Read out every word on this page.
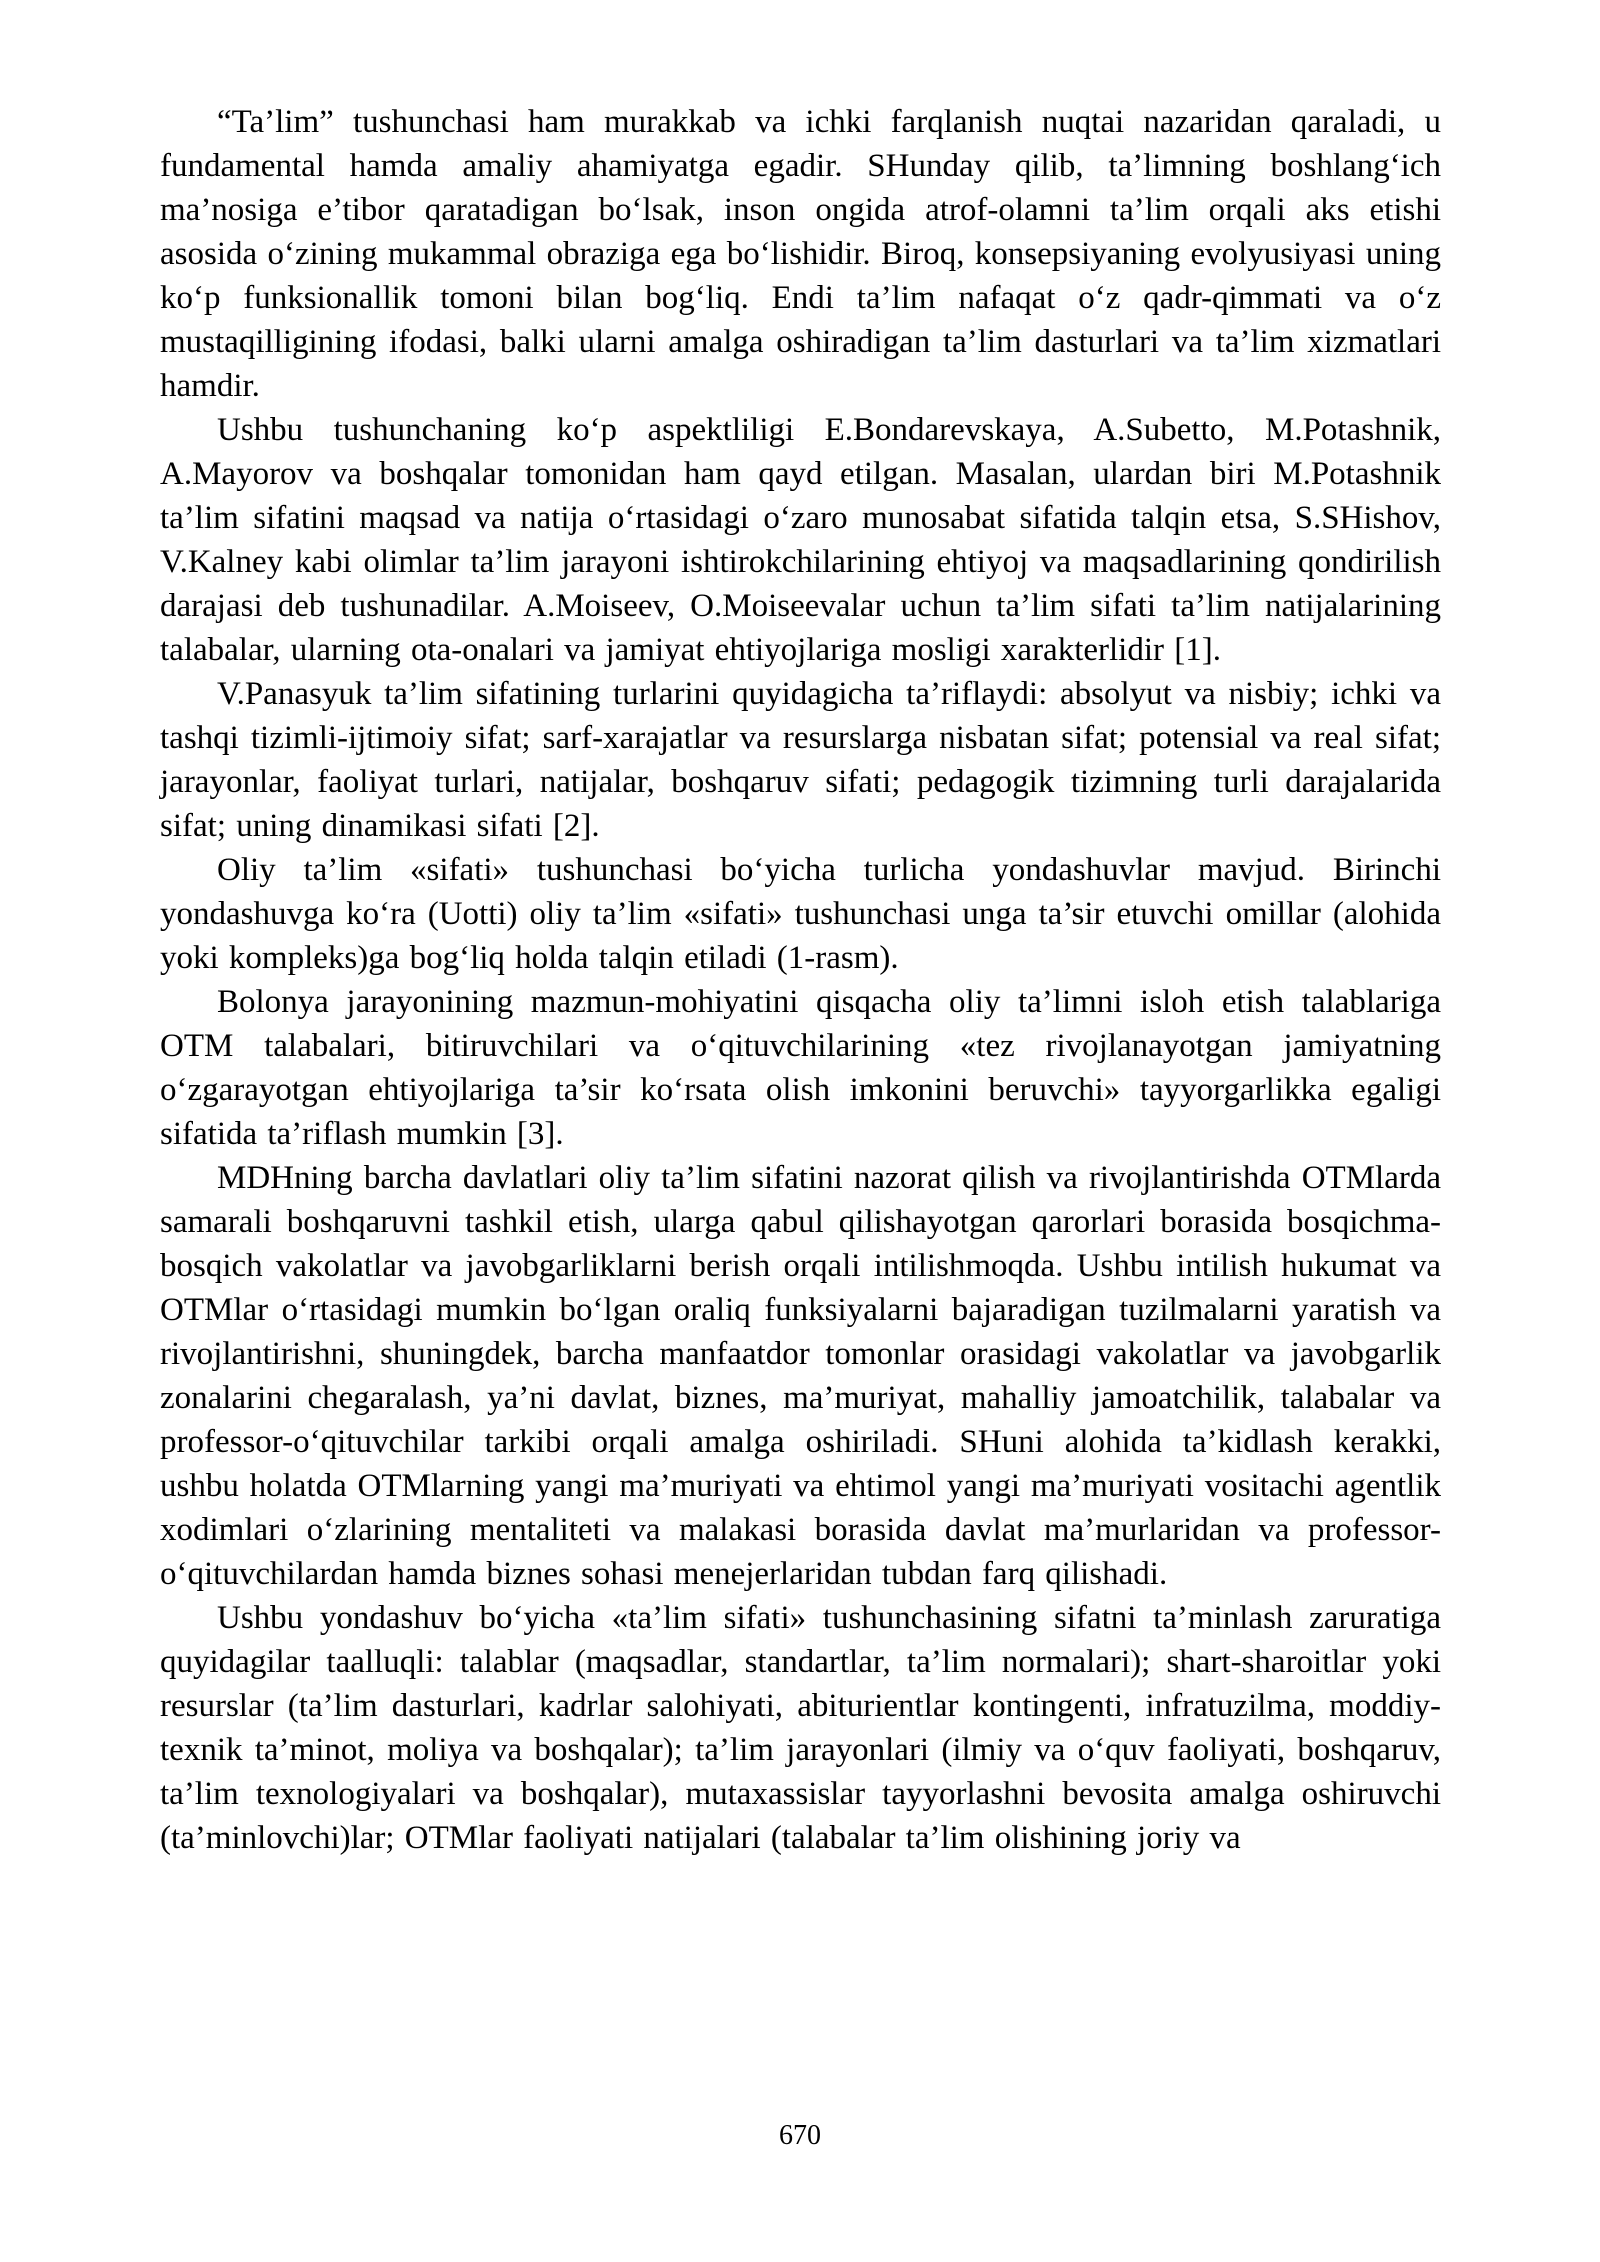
“Ta’lim” tushunchasi ham murakkab va ichki farqlanish nuqtai nazaridan qaraladi, u fundamental hamda amaliy ahamiyatga egadir. SHunday qilib, ta’limning boshlang‘ich ma’nosiga e’tibor qaratadigan bo‘lsak, inson ongida atrof-olamni ta’lim orqali aks etishi asosida o‘zining mukammal obraziga ega bo‘lishidir. Biroq, konsepsiyaning evolyusiyasi uning ko‘p funksionallik tomoni bilan bog‘liq. Endi ta’lim nafaqat o‘z qadr-qimmati va o‘z mustaqilligining ifodasi, balki ularni amalga oshiradigan ta’lim dasturlari va ta’lim xizmatlari hamdir.

Ushbu tushunchaning ko‘p aspektliligi E.Bondarevskaya, A.Subetto, M.Potashnik, A.Mayorov va boshqalar tomonidan ham qayd etilgan. Masalan, ulardan biri M.Potashnik ta’lim sifatini maqsad va natija o‘rtasidagi o‘zaro munosabat sifatida talqin etsa, S.SHishov, V.Kalney kabi olimlar ta’lim jarayoni ishtirokchilarining ehtiyoj va maqsadlarining qondirilish darajasi deb tushunadilar. A.Moiseev, O.Moiseevalar uchun ta’lim sifati ta’lim natijalarining talabalar, ularning ota-onalari va jamiyat ehtiyojlariga mosligi xarakterlidir [1].

V.Panasyuk ta’lim sifatining turlarini quyidagicha ta’riflaydi: absolyut va nisbiy; ichki va tashqi tizimli-ijtimoiy sifat; sarf-xarajatlar va resurslarga nisbatan sifat; potensial va real sifat; jarayonlar, faoliyat turlari, natijalar, boshqaruv sifati; pedagogik tizimning turli darajalarida sifat; uning dinamikasi sifati [2].

Oliy ta’lim «sifati» tushunchasi bo‘yicha turlicha yondashuvlar mavjud. Birinchi yondashuvga ko‘ra (Uotti) oliy ta’lim «sifati» tushunchasi unga ta’sir etuvchi omillar (alohida yoki kompleks)ga bog‘liq holda talqin etiladi (1-rasm).

Bolonya jarayonining mazmun-mohiyatini qisqacha oliy ta’limni isloh etish talablariga OTM talabalari, bitiruvchilari va o‘qituvchilarining «tez rivojlanayotgan jamiyatning o‘zgarayotgan ehtiyojlariga ta’sir ko‘rsata olish imkonini beruvchi» tayyorgarlikka egaligi sifatida ta’riflash mumkin [3].

MDHning barcha davlatlari oliy ta’lim sifatini nazorat qilish va rivojlantirishda OTMlarda samarali boshqaruvni tashkil etish, ularga qabul qilishayotgan qarorlari borasida bosqichma-bosqich vakolatlar va javobgarliklarni berish orqali intilishmoqda. Ushbu intilish hukumat va OTMlar o‘rtasidagi mumkin bo‘lgan oraliq funksiyalarni bajaradigan tuzilmalarni yaratish va rivojlantirishni, shuningdek, barcha manfaatdor tomonlar orasidagi vakolatlar va javobgarlik zonalarini chegaralash, ya’ni davlat, biznes, ma’muriyat, mahalliy jamoatchilik, talabalar va professor-o‘qituvchilar tarkibi orqali amalga oshiriladi. SHuni alohida ta’kidlash kerakki, ushbu holatda OTMlarning yangi ma’muriyati va ehtimol yangi ma’muriyati vositachi agentlik xodimlari o‘zlarining mentaliteti va malakasi borasida davlat ma’murlaridan va professor-o‘qituvchilardan hamda biznes sohasi menejerlaridan tubdan farq qilishadi.

Ushbu yondashuv bo‘yicha «ta’lim sifati» tushunchasining sifatni ta’minlash zaruratiga quyidagilar taalluqli: talablar (maqsadlar, standartlar, ta’lim normalari); shart-sharoitlar yoki resurslar (ta’lim dasturlari, kadrlar salohiyati, abiturientlar kontingenti, infratuzilma, moddiy-texnik ta’minot, moliya va boshqalar); ta’lim jarayonlari (ilmiy va o‘quv faoliyati, boshqaruv, ta’lim texnologiyalari va boshqalar), mutaxassislar tayyorlashni bevosita amalga oshiruvchi (ta’minlovchi)lar; OTMlar faoliyati natijalari (talabalar ta’lim olishining joriy va

670
